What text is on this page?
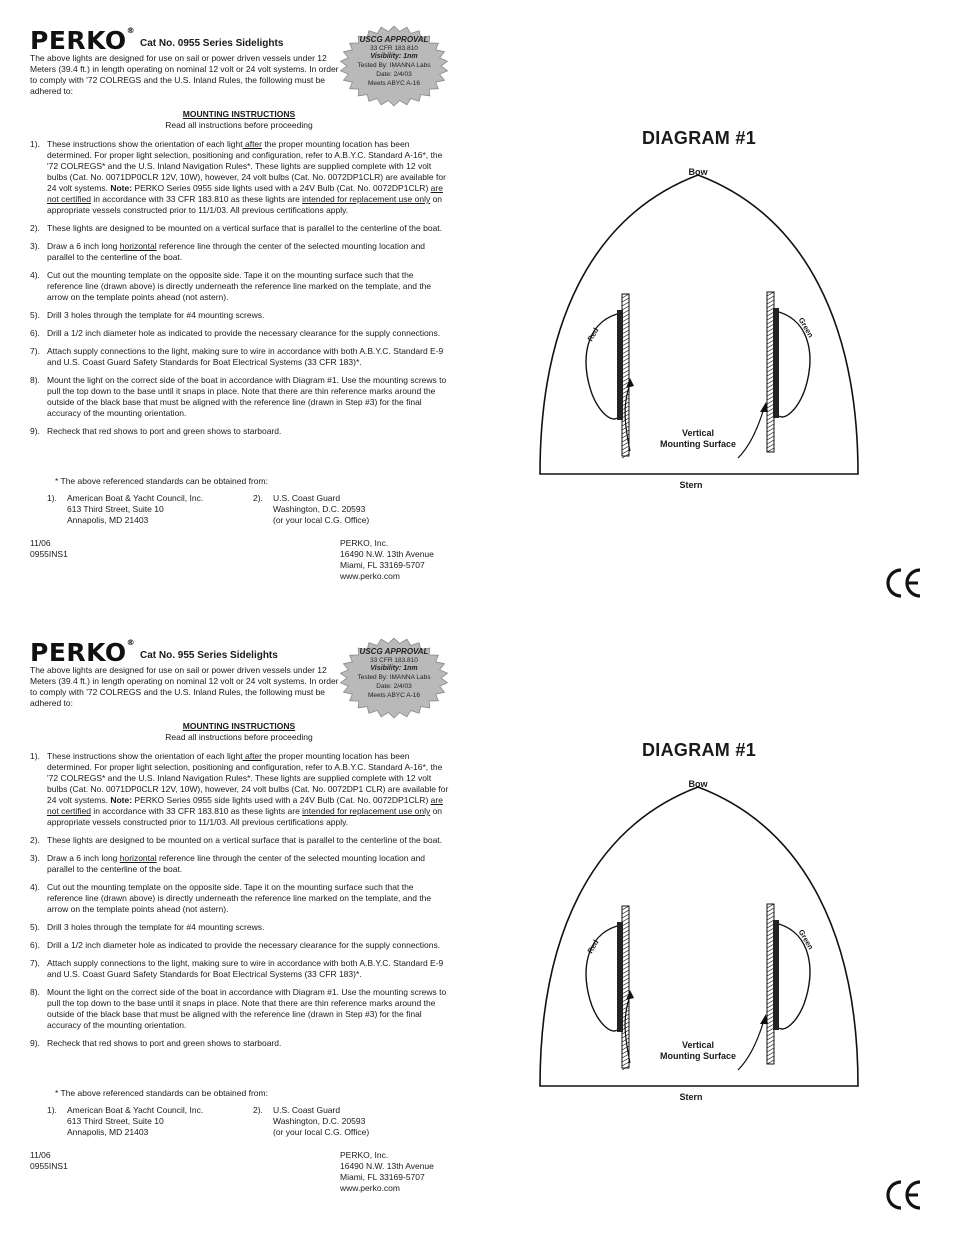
PERKO®
Cat No. 0955 Series Sidelights
The above lights are designed for use on sail or power driven vessels under 12 Meters (39.4 ft.) in length operating on nominal 12 volt or 24 volt systems. In order to comply with '72 COLREGS and the U.S. Inland Rules, the following must be adhered to:
USCG APPROVAL
33 CFR 183.810
Visibility: 1nm
Tested By: IMANNA Labs
Date: 2/4/03
Meets ABYC A-16
MOUNTING INSTRUCTIONS
Read all instructions before proceeding
1). These instructions show the orientation of each light after the proper mounting location has been determined. For proper light selection, positioning and configuration, refer to A.B.Y.C. Standard A-16*, the '72 COLREGS* and the U.S. Inland Navigation Rules*. These lights are supplied complete with 12 volt bulbs (Cat. No. 0071DP0CLR 12V, 10W), however, 24 volt bulbs (Cat. No. 0072DP1CLR) are available for 24 volt systems. Note: PERKO Series 0955 side lights used with a 24V Bulb (Cat. No. 0072DP1CLR) are not certified in accordance with 33 CFR 183.810 as these lights are intended for replacement use only on appropriate vessels constructed prior to 11/1/03. All previous certifications apply.
2). These lights are designed to be mounted on a vertical surface that is parallel to the centerline of the boat.
3). Draw a 6 inch long horizontal reference line through the center of the selected mounting location and parallel to the centerline of the boat.
4). Cut out the mounting template on the opposite side. Tape it on the mounting surface such that the reference line (drawn above) is directly underneath the reference line marked on the template, and the arrow on the template points ahead (not astern).
5). Drill 3 holes through the template for #4 mounting screws.
6). Drill a 1/2 inch diameter hole as indicated to provide the necessary clearance for the supply connections.
7). Attach supply connections to the light, making sure to wire in accordance with both A.B.Y.C. Standard E-9 and U.S. Coast Guard Safety Standards for Boat Electrical Systems (33 CFR 183)*.
8). Mount the light on the correct side of the boat in accordance with Diagram #1. Use the mounting screws to pull the top down to the base until it snaps in place. Note that there are thin reference marks around the outside of the black base that must be aligned with the reference line (drawn in Step #3) for the final accuracy of the mounting orientation.
9). Recheck that red shows to port and green shows to starboard.
* The above referenced standards can be obtained from:
1).	American Boat & Yacht Council, Inc.
613 Third Street, Suite 10
Annapolis, MD 21403
2).	U.S. Coast Guard
Washington, D.C. 20593
(or your local C.G. Office)
11/06
0955INS1
PERKO, Inc.
16490 N.W. 13th Avenue
Miami, FL 33169-5707
www.perko.com
DIAGRAM #1
Bow
Red	Green
Vertical
Mounting Surface
Stern
CE
PERKO®
Cat No. 955 Series Sidelights
The above lights are designed for use on sail or power driven vessels under 12 Meters (39.4 ft.) in length operating on nominal 12 volt or 24 volt systems. In order to comply with '72 COLREGS and the U.S. Inland Rules, the following must be adhered to:
USCG APPROVAL
33 CFR 183.810
Visibility: 1nm
Tested By: IMANNA Labs
Date: 2/4/03
Meets ABYC A-16
MOUNTING INSTRUCTIONS
Read all instructions before proceeding
1). These instructions show the orientation of each light after the proper mounting location has been determined. For proper light selection, positioning and configuration, refer to A.B.Y.C. Standard A-16*, the '72 COLREGS* and the U.S. Inland Navigation Rules*. These lights are supplied complete with 12 volt bulbs (Cat. No. 0071DP0CLR 12V, 10W), however, 24 volt bulbs (Cat. No. 0072DP1 CLR) are available for 24 volt systems. Note: PERKO Series 0955 side lights used with a 24V Bulb (Cat. No. 0072DP1CLR) are not certified in accordance with 33 CFR 183.810 as these lights are intended for replacement use only on appropriate vessels constructed prior to 11/1/03. All previous certifications apply.
2). These lights are designed to be mounted on a vertical surface that is parallel to the centerline of the boat.
3). Draw a 6 inch long horizontal reference line through the center of the selected mounting location and parallel to the centerline of the boat.
4). Cut out the mounting template on the opposite side. Tape it on the mounting surface such that the reference line (drawn above) is directly underneath the reference line marked on the template, and the arrow on the template points ahead (not astern).
5). Drill 3 holes through the template for #4 mounting screws.
6). Drill a 1/2 inch diameter hole as indicated to provide the necessary clearance for the supply connections.
7). Attach supply connections to the light, making sure to wire in accordance with both A.B.Y.C. Standard E-9 and U.S. Coast Guard Safety Standards for Boat Electrical Systems (33 CFR 183)*.
8). Mount the light on the correct side of the boat in accordance with Diagram #1. Use the mounting screws to pull the top down to the base until it snaps in place. Note that there are thin reference marks around the outside of the black base that must be aligned with the reference line (drawn in Step #3) for the final accuracy of the mounting orientation.
9). Recheck that red shows to port and green shows to starboard.
* The above referenced standards can be obtained from:
1).	American Boat & Yacht Council, Inc.
613 Third Street, Suite 10
Annapolis, MD 21403
2).	U.S. Coast Guard
Washington, D.C. 20593
(or your local C.G. Office)
11/06
0955INS1
PERKO, Inc.
16490 N.W. 13th Avenue
Miami, FL 33169-5707
www.perko.com
DIAGRAM #1
Bow
Red	Green
Vertical
Mounting Surface
Stern
CE
